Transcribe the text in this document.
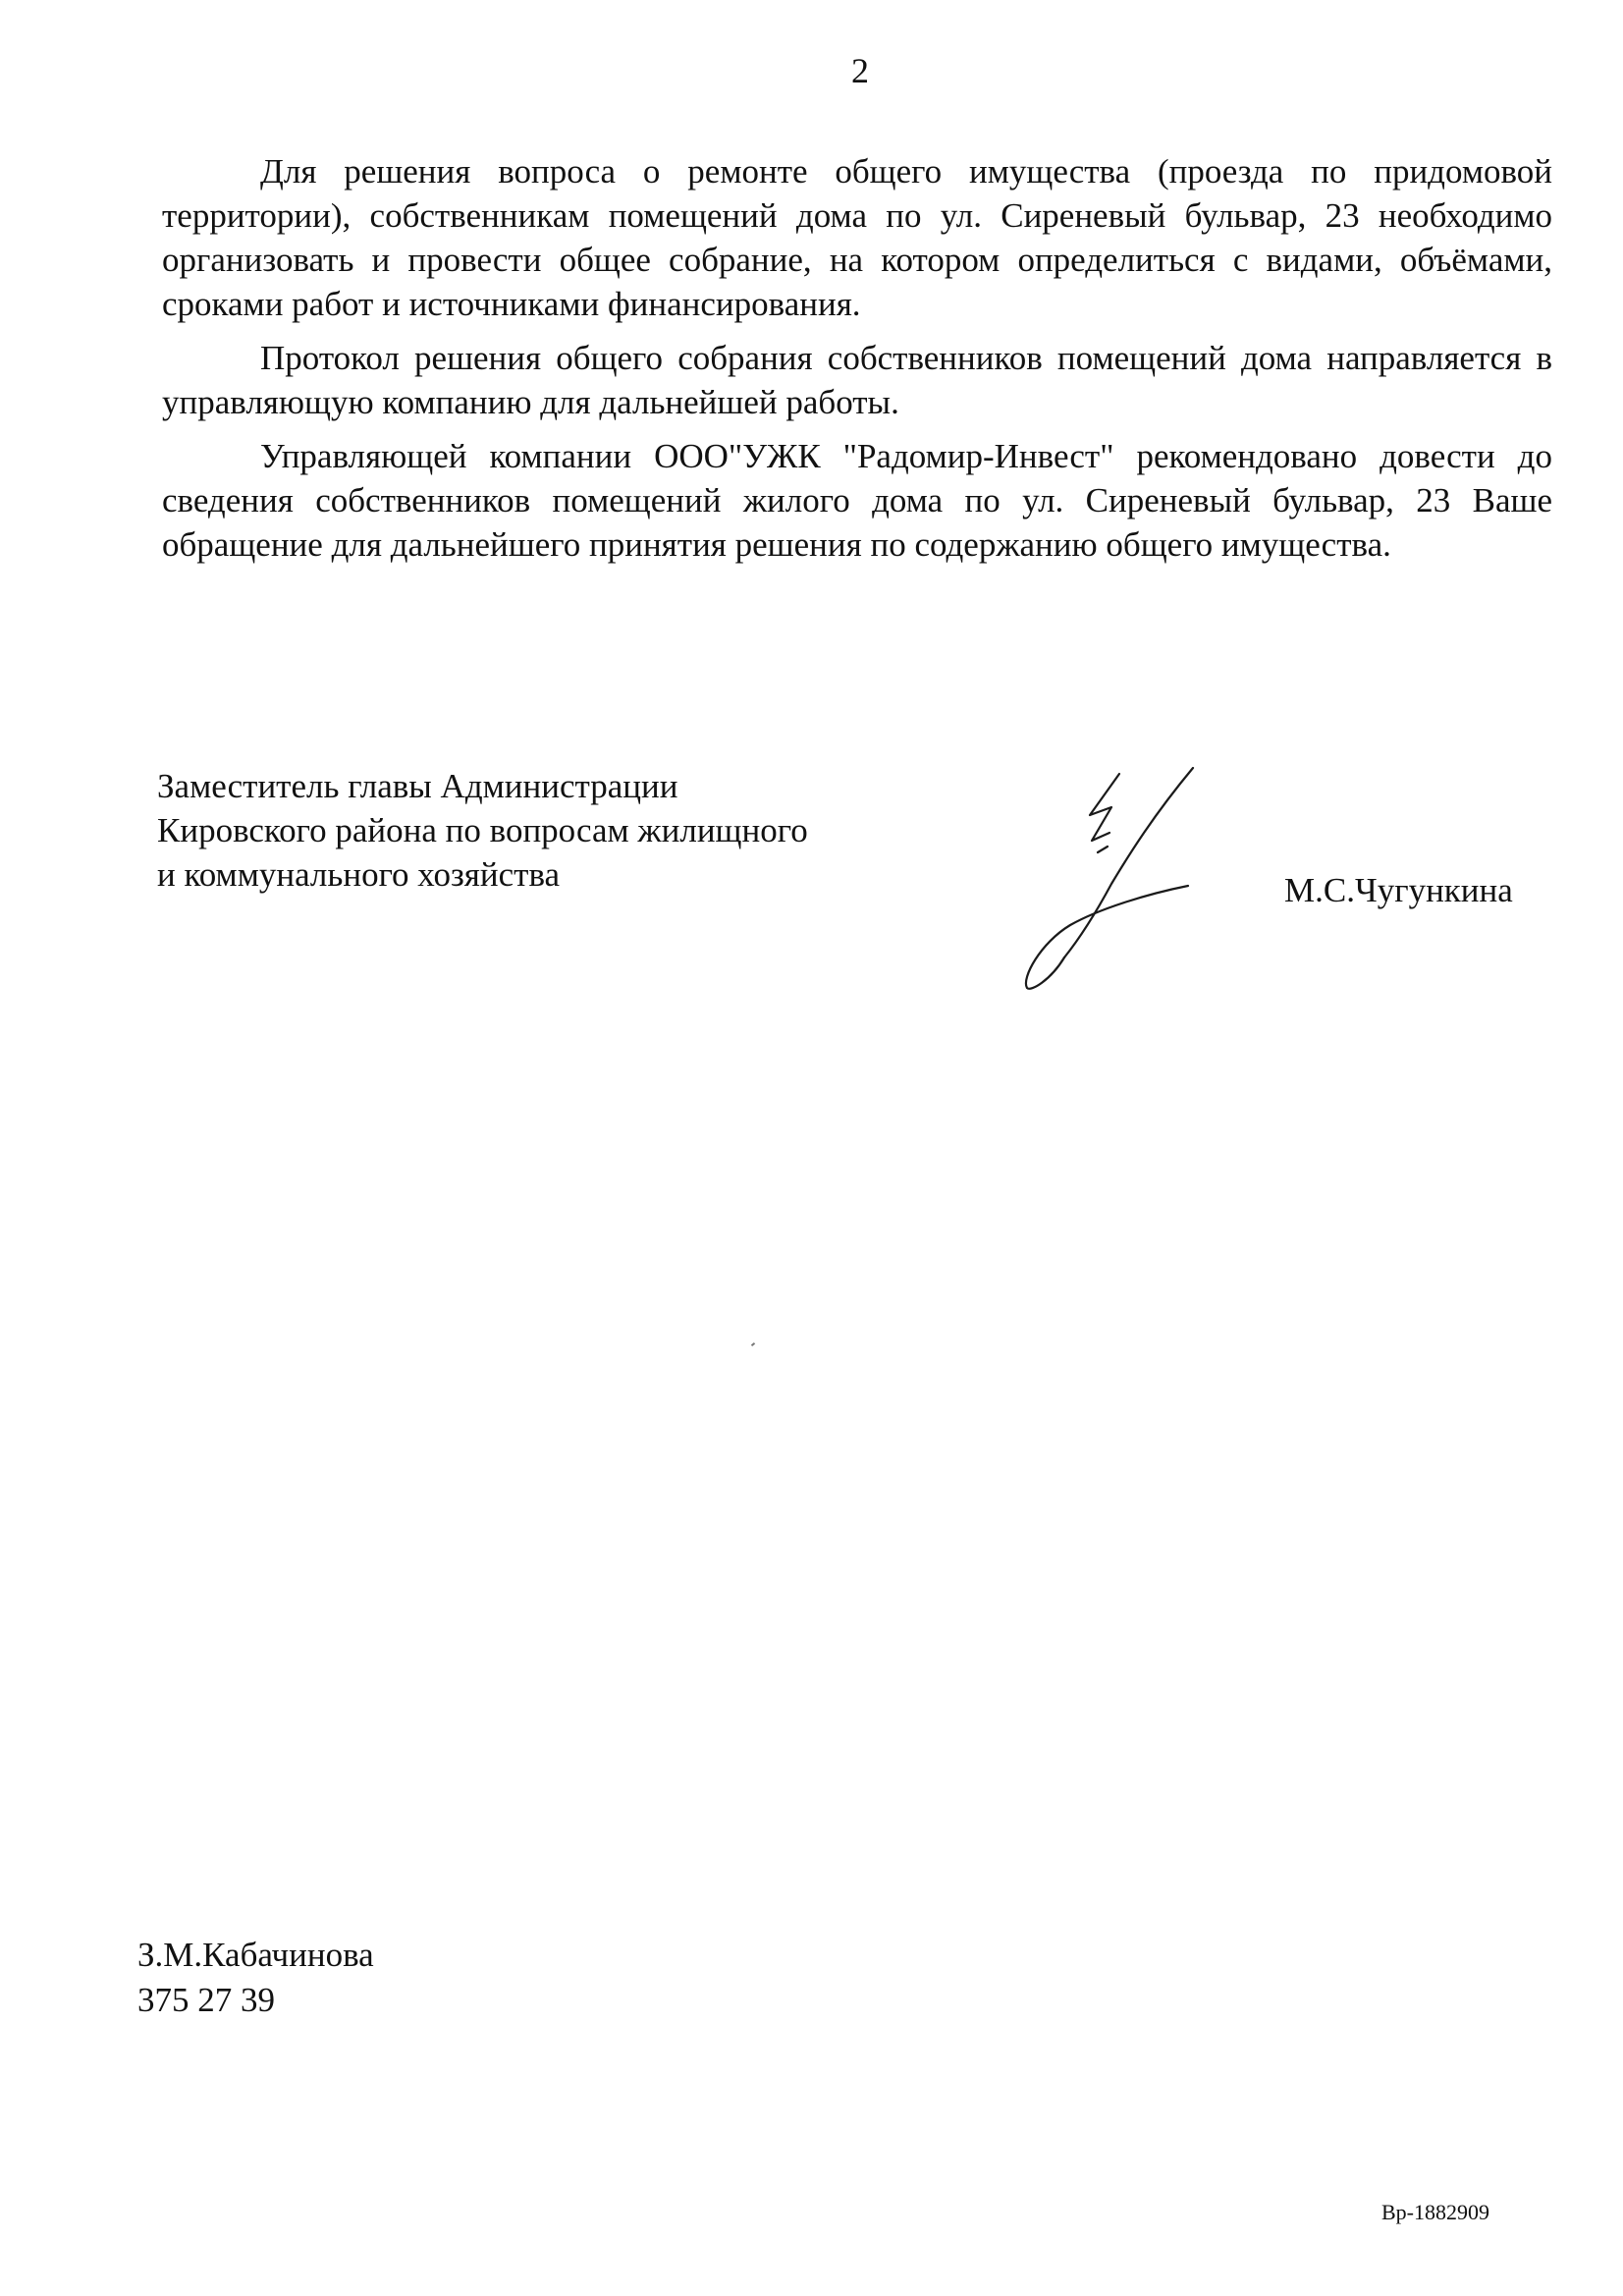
2

Для решения вопроса о ремонте общего имущества (проезда по придомовой территории), собственникам помещений дома по ул. Сиреневый бульвар, 23 необходимо организовать и провести общее собрание, на котором определиться с видами, объёмами, сроками работ и источниками финансирования.

Протокол решения общего собрания собственников помещений дома направляется в управляющую компанию для дальнейшей работы.

Управляющей компании ООО"УЖК "Радомир-Инвест" рекомендовано довести до сведения собственников помещений жилого дома по ул. Сиреневый бульвар, 23 Ваше обращение для дальнейшего принятия решения по содержанию общего имущества.

Заместитель главы Администрации
Кировского района по вопросам жилищного
и коммунального хозяйства	М.С.Чугункина
З.М.Кабачинова
375 27 39
Вр-1882909
